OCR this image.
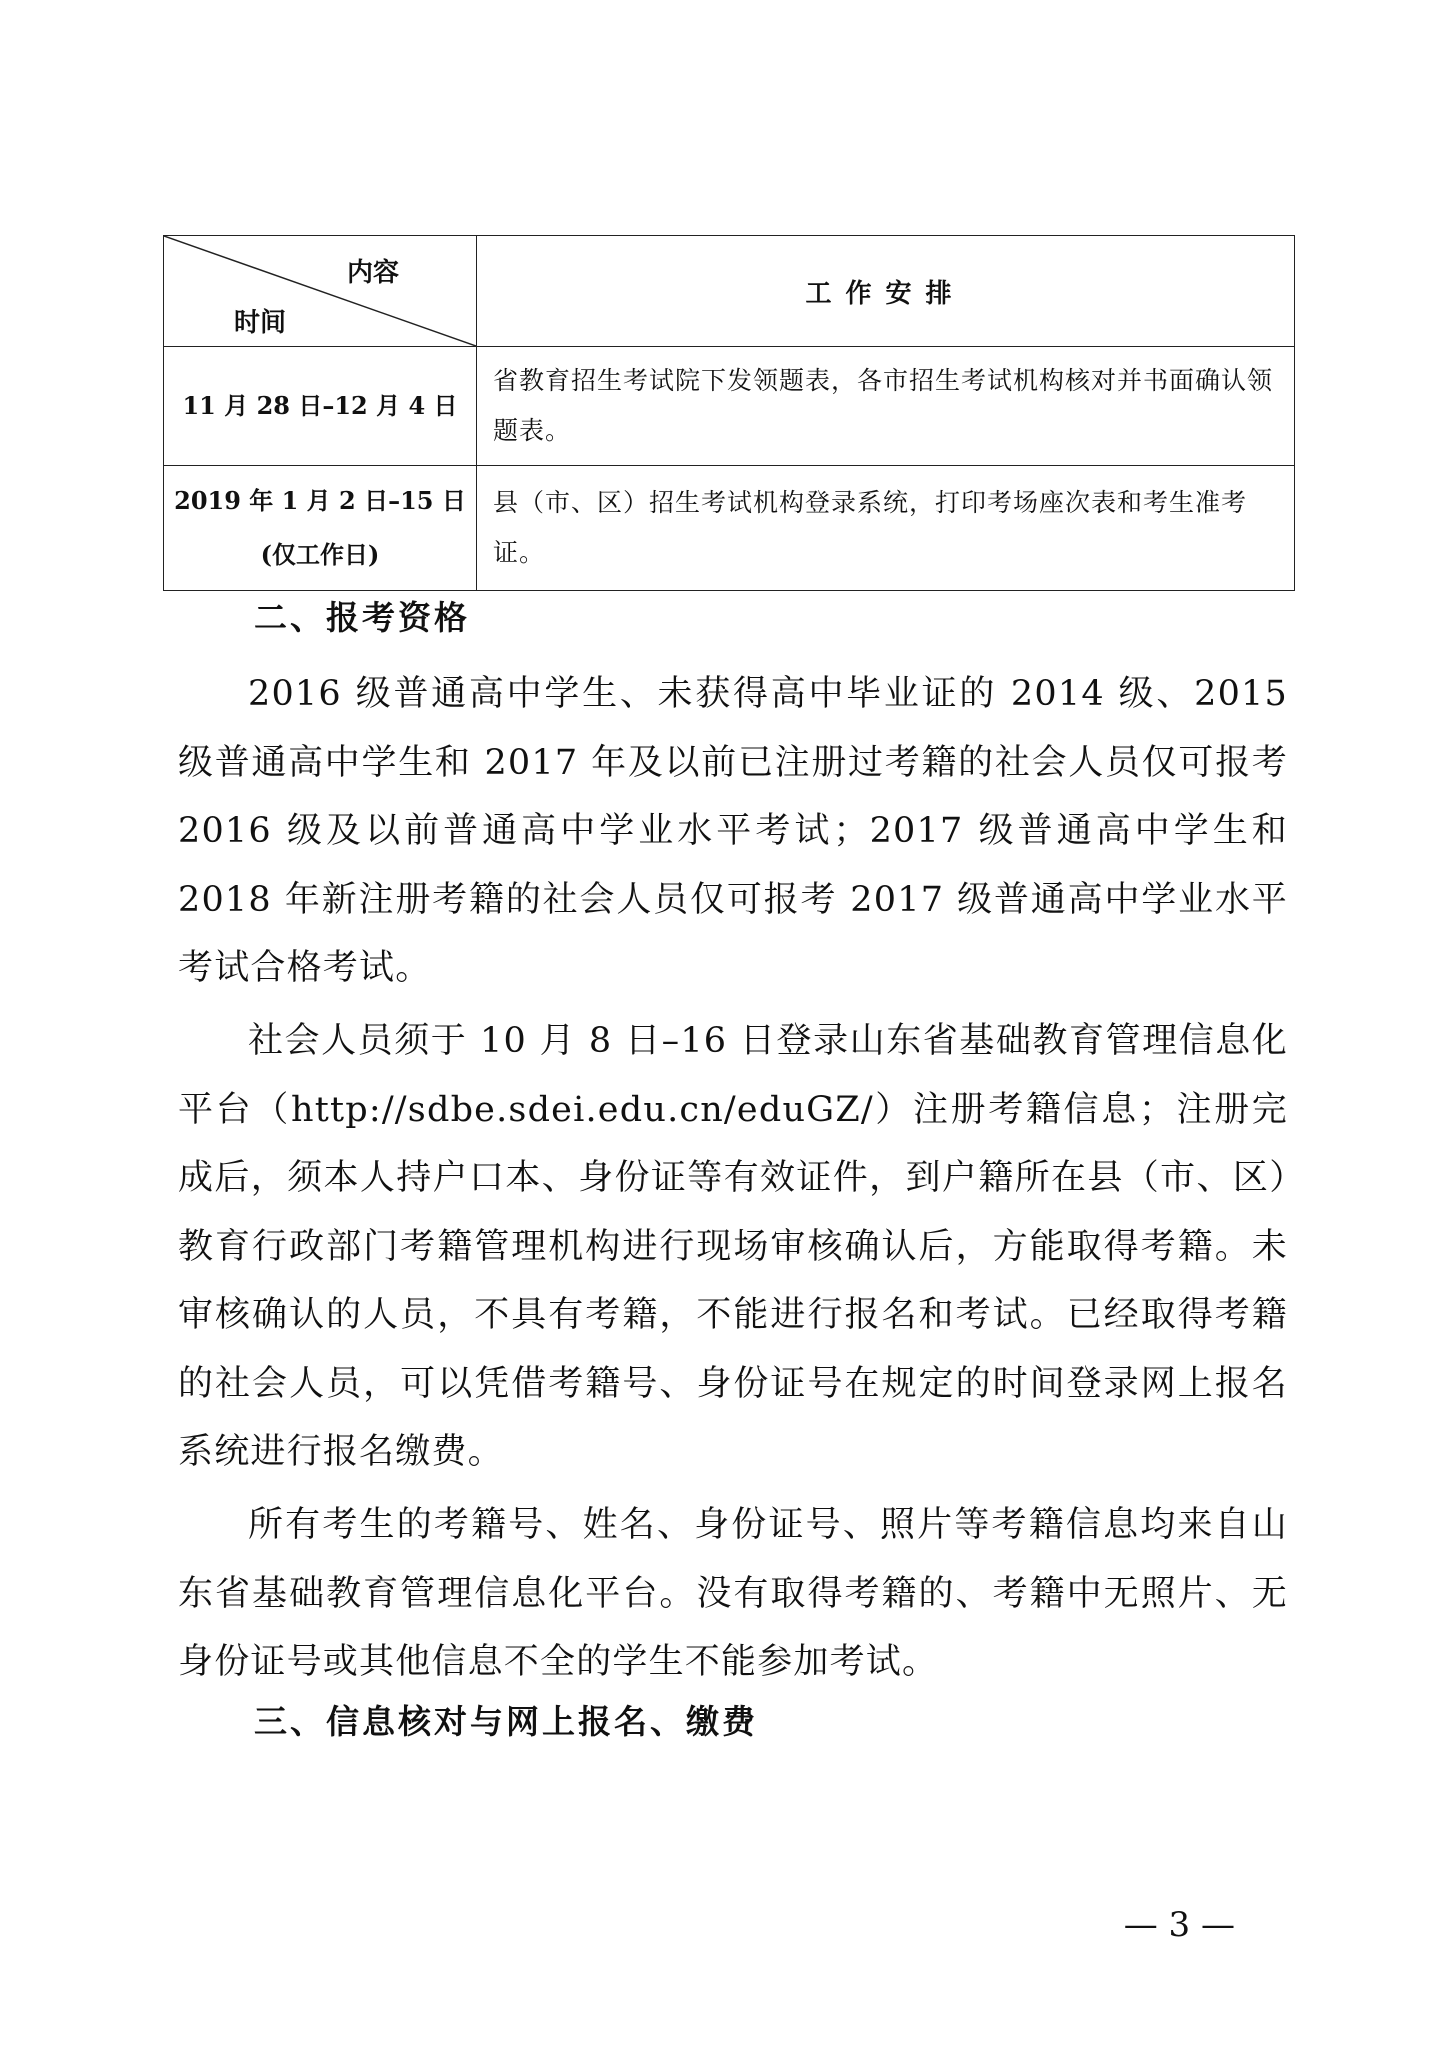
内容
时间	工作安排
11 月 28 日–12 月 4 日	省教育招生考试院下发领题表，各市招生考试机构核对并书面确认领题表。

2019 年 1 月 2 日–15 日
(仅工作日)	县（市、区）招生考试机构登录系统，打印考场座次表和考生准考证。
二、报考资格
2016 级普通高中学生、未获得高中毕业证的 2014 级、2015 级普通高中学生和 2017 年及以前已注册过考籍的社会人员仅可报考 2016 级及以前普通高中学业水平考试；2017 级普通高中学生和 2018 年新注册考籍的社会人员仅可报考 2017 级普通高中学业水平考试合格考试。
社会人员须于 10 月 8 日–16 日登录山东省基础教育管理信息化平台（http://sdbe.sdei.edu.cn/eduGZ/）注册考籍信息；注册完成后，须本人持户口本、身份证等有效证件，到户籍所在县（市、区）教育行政部门考籍管理机构进行现场审核确认后，方能取得考籍。未审核确认的人员，不具有考籍，不能进行报名和考试。已经取得考籍的社会人员，可以凭借考籍号、身份证号在规定的时间登录网上报名系统进行报名缴费。
所有考生的考籍号、姓名、身份证号、照片等考籍信息均来自山东省基础教育管理信息化平台。没有取得考籍的、考籍中无照片、无身份证号或其他信息不全的学生不能参加考试。
三、信息核对与网上报名、缴费
— 3 —
